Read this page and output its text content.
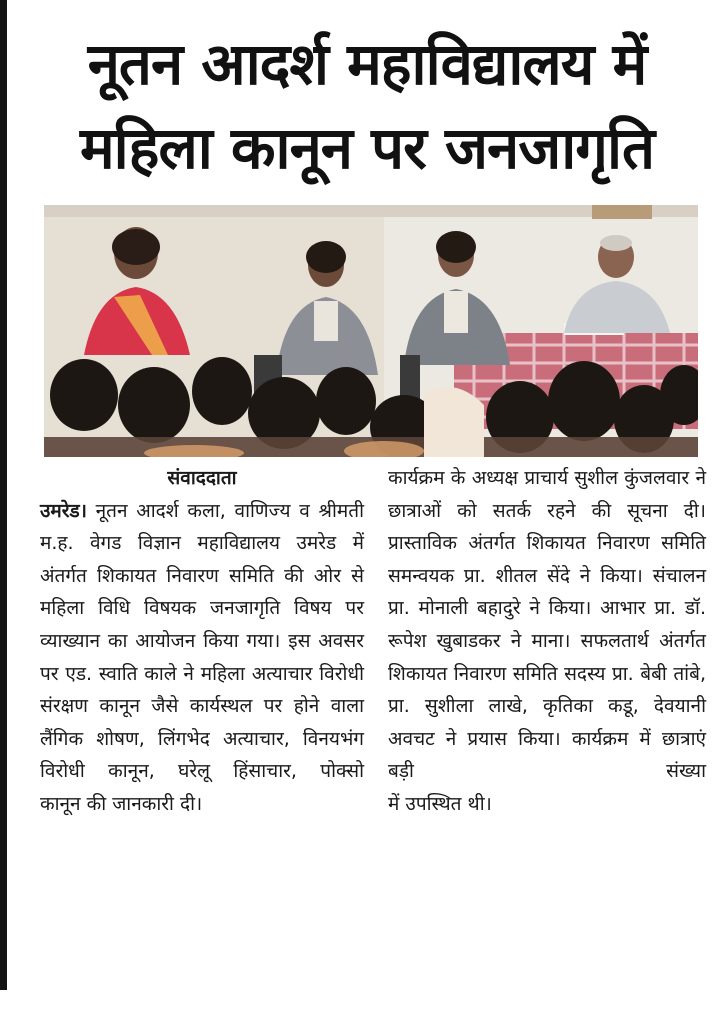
नूतन आदर्श महाविद्यालय में
महिला कानून पर जनजागृति
संवाददाता
उमरेड। नूतन आदर्श कला, वाणिज्य व श्रीमती म.ह. वेगड विज्ञान महाविद्यालय उमरेड में अंतर्गत शिकायत निवारण समिति की ओर से महिला विधि विषयक जनजागृति विषय पर व्याख्यान का आयोजन किया गया। इस अवसर पर एड. स्वाति काले ने महिला अत्याचार विरोधी संरक्षण कानून जैसे कार्यस्थल पर होने वाला लैंगिक शोषण, लिंगभेद अत्याचार, विनयभंग विरोधी कानून, घरेलू हिंसाचार, पोक्सो
कानून की जानकारी दी।
कार्यक्रम के अध्यक्ष प्राचार्य सुशील कुंजलवार ने छात्राओं को सतर्क रहने की सूचना दी। प्रास्ताविक अंतर्गत शिकायत निवारण समिति समन्वयक प्रा. शीतल सेंदे ने किया। संचालन प्रा. मोनाली बहादुरे ने किया। आभार प्रा. डॉ. रूपेश खुबाडकर ने माना। सफलतार्थ अंतर्गत शिकायत निवारण समिति सदस्य प्रा. बेबी तांबे, प्रा. सुशीला लाखे, कृतिका कडू, देवयानी अवचट ने प्रयास किया। कार्यक्रम में छात्राएं बड़ी संख्या
में उपस्थित थी।
